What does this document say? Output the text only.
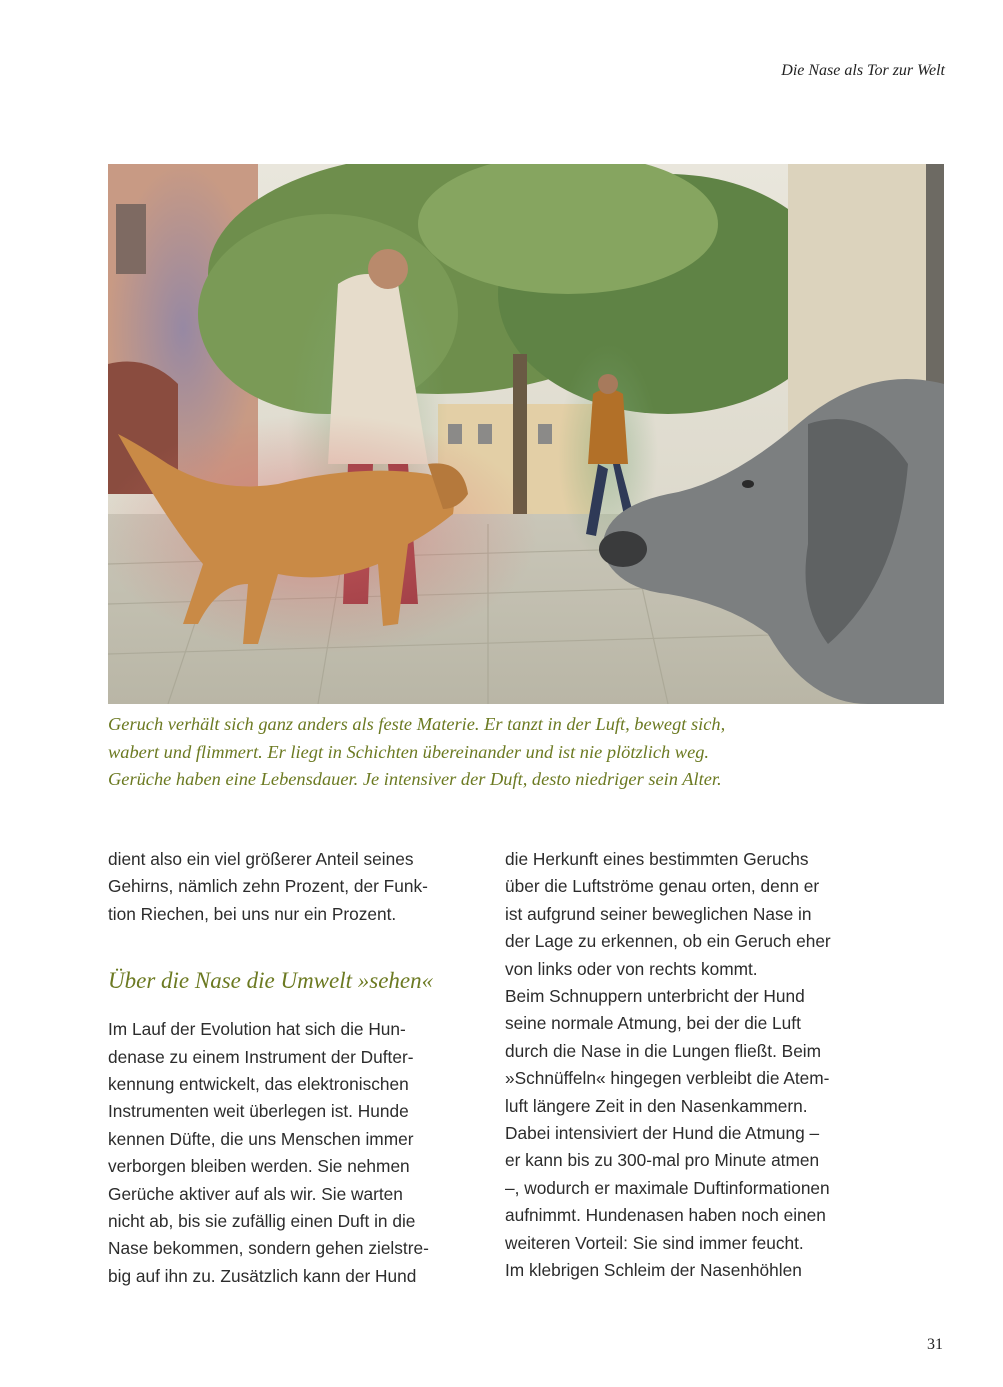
Die Nase als Tor zur Welt

Geruch verhält sich ganz anders als feste Materie. Er tanzt in der Luft, bewegt sich,

wabert und flimmert. Er liegt in Schichten übereinander und ist nie plötzlich weg.

Gerüche haben eine Lebensdauer. Je intensiver der Duft, desto niedriger sein Alter.

dient also ein viel größerer Anteil seines

Gehirns, nämlich zehn Prozent, der Funk-

tion Riechen, bei uns nur ein Prozent.

Über die Nase die Umwelt »sehen«

Im Lauf der Evolution hat sich die Hun-

denase zu einem Instrument der Dufter-

kennung entwickelt, das elektronischen

Instrumenten weit überlegen ist. Hunde

kennen Düfte, die uns Menschen immer

verborgen bleiben werden. Sie nehmen

Gerüche aktiver auf als wir. Sie warten

nicht ab, bis sie zufällig einen Duft in die

Nase bekommen, sondern gehen zielstre-

big auf ihn zu. Zusätzlich kann der Hund

die Herkunft eines bestimmten Geruchs

über die Luftströme genau orten, denn er

ist aufgrund seiner beweglichen Nase in

der Lage zu erkennen, ob ein Geruch eher

von links oder von rechts kommt.

Beim Schnuppern unterbricht der Hund

seine normale Atmung, bei der die Luft

durch die Nase in die Lungen fließt. Beim

»Schnüffeln« hingegen verbleibt die Atem-

luft längere Zeit in den Nasenkammern.

Dabei intensiviert der Hund die Atmung –

er kann bis zu 300-mal pro Minute atmen

–, wodurch er maximale Duftinformationen

aufnimmt. Hundenasen haben noch einen

weiteren Vorteil: Sie sind immer feucht.

Im klebrigen Schleim der Nasenhöhlen

31
